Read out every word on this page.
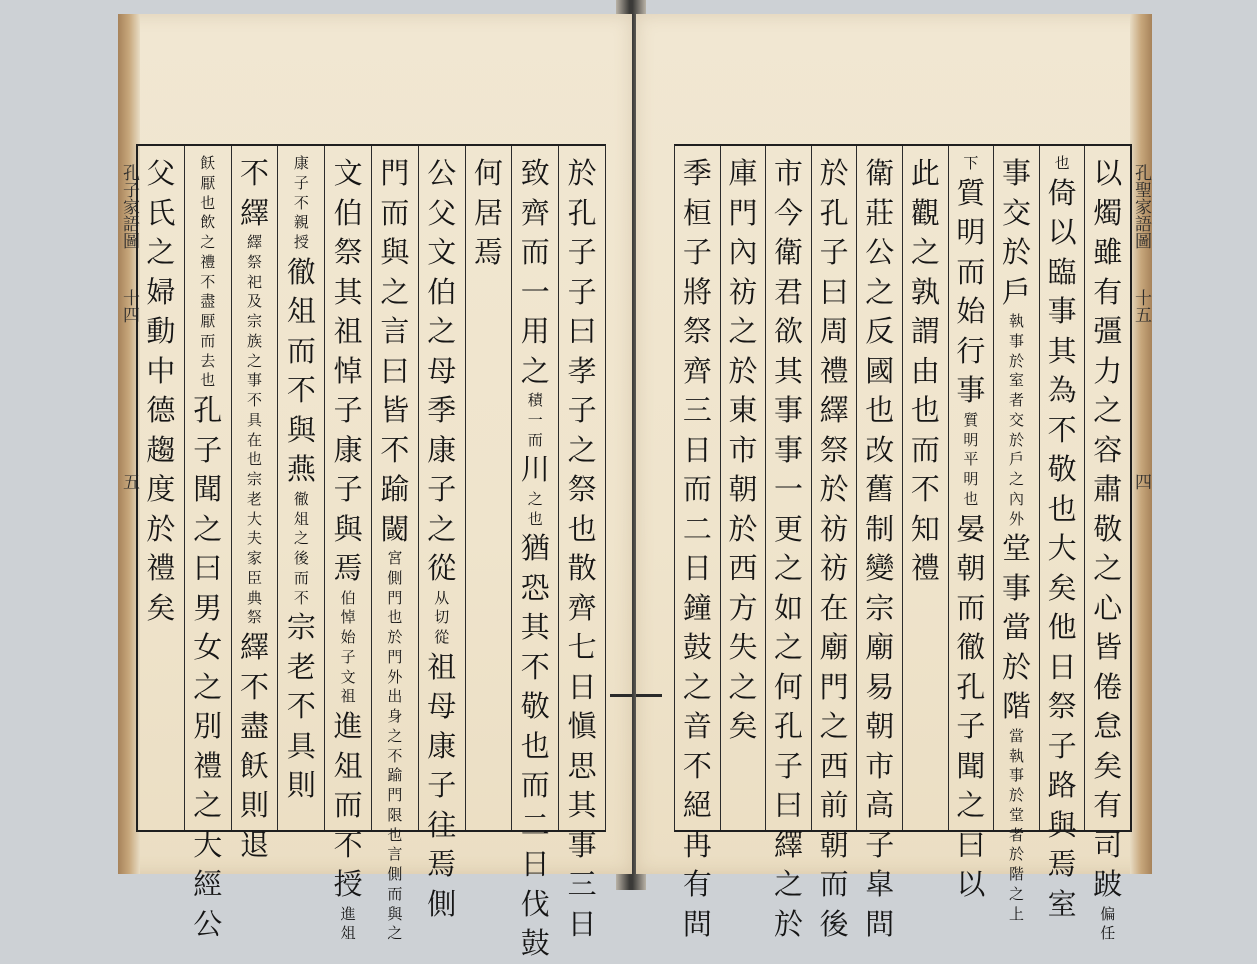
孔子家語圖
十四
五
於
孔
子
子
曰
孝
子
之
祭
也
散
齊
七
日
愼
思
其
事
三
日
致
齊
而
一
用
之
積
一
而
川
之
也
猶
恐
其
不
敬
也
而
二
日
伐
鼓
何
居
焉
公
父
文
伯
之
母
季
康
子
之
從
从
切
從
祖
母
康
子
往
焉
側
門
而
與
之
言
曰
皆
不
踰
閾
宮
側
門
也
於
門
外
出
身
之
不
踰
門
限
也
言
側
而
與
之
文
伯
祭
其
祖
悼
子
康
子
與
焉
伯
悼
始
子
文
祖
進
俎
而
不
授
進
俎
康
子
不
親
授
徹
俎
而
不
與
燕
徹
俎
之
後
而
不
宗
老
不
具
則
不
繹
繹
祭
祀
及
宗
族
之
事
不
具
在
也
宗
老
大
夫
家
臣
典
祭
繹
不
盡
飫
則
退
飫
厭
也
飲
之
禮
不
盡
厭
而
去
也
孔
子
聞
之
曰
男
女
之
別
禮
之
大
經
公
父
氏
之
婦
動
中
德
趨
度
於
禮
矣
孔聖家語圖
十五
四
以
燭
雖
有
彊
力
之
容
肅
敬
之
心
皆
倦
怠
矣
有
司
跛
偏
任
也
倚
以
臨
事
其
為
不
敬
也
大
矣
他
日
祭
子
路
與
焉
室
事
交
於
戶
執
事
於
室
者
交
於
戶
之
內
外
堂
事
當
於
階
當
執
事
於
堂
者
於
階
之
上
下
質
明
而
始
行
事
質
明
平
明
也
晏
朝
而
徹
孔
子
聞
之
曰
以
此
觀
之
孰
謂
由
也
而
不
知
禮
衛
莊
公
之
反
國
也
改
舊
制
變
宗
廟
易
朝
市
高
子
皐
問
於
孔
子
曰
周
禮
繹
祭
於
祊
祊
在
廟
門
之
西
前
朝
而
後
市
今
衛
君
欲
其
事
事
一
更
之
如
之
何
孔
子
曰
繹
之
於
庫
門
內
祊
之
於
東
市
朝
於
西
方
失
之
矣
季
桓
子
將
祭
齊
三
日
而
二
日
鐘
鼓
之
音
不
絕
冉
有
問
